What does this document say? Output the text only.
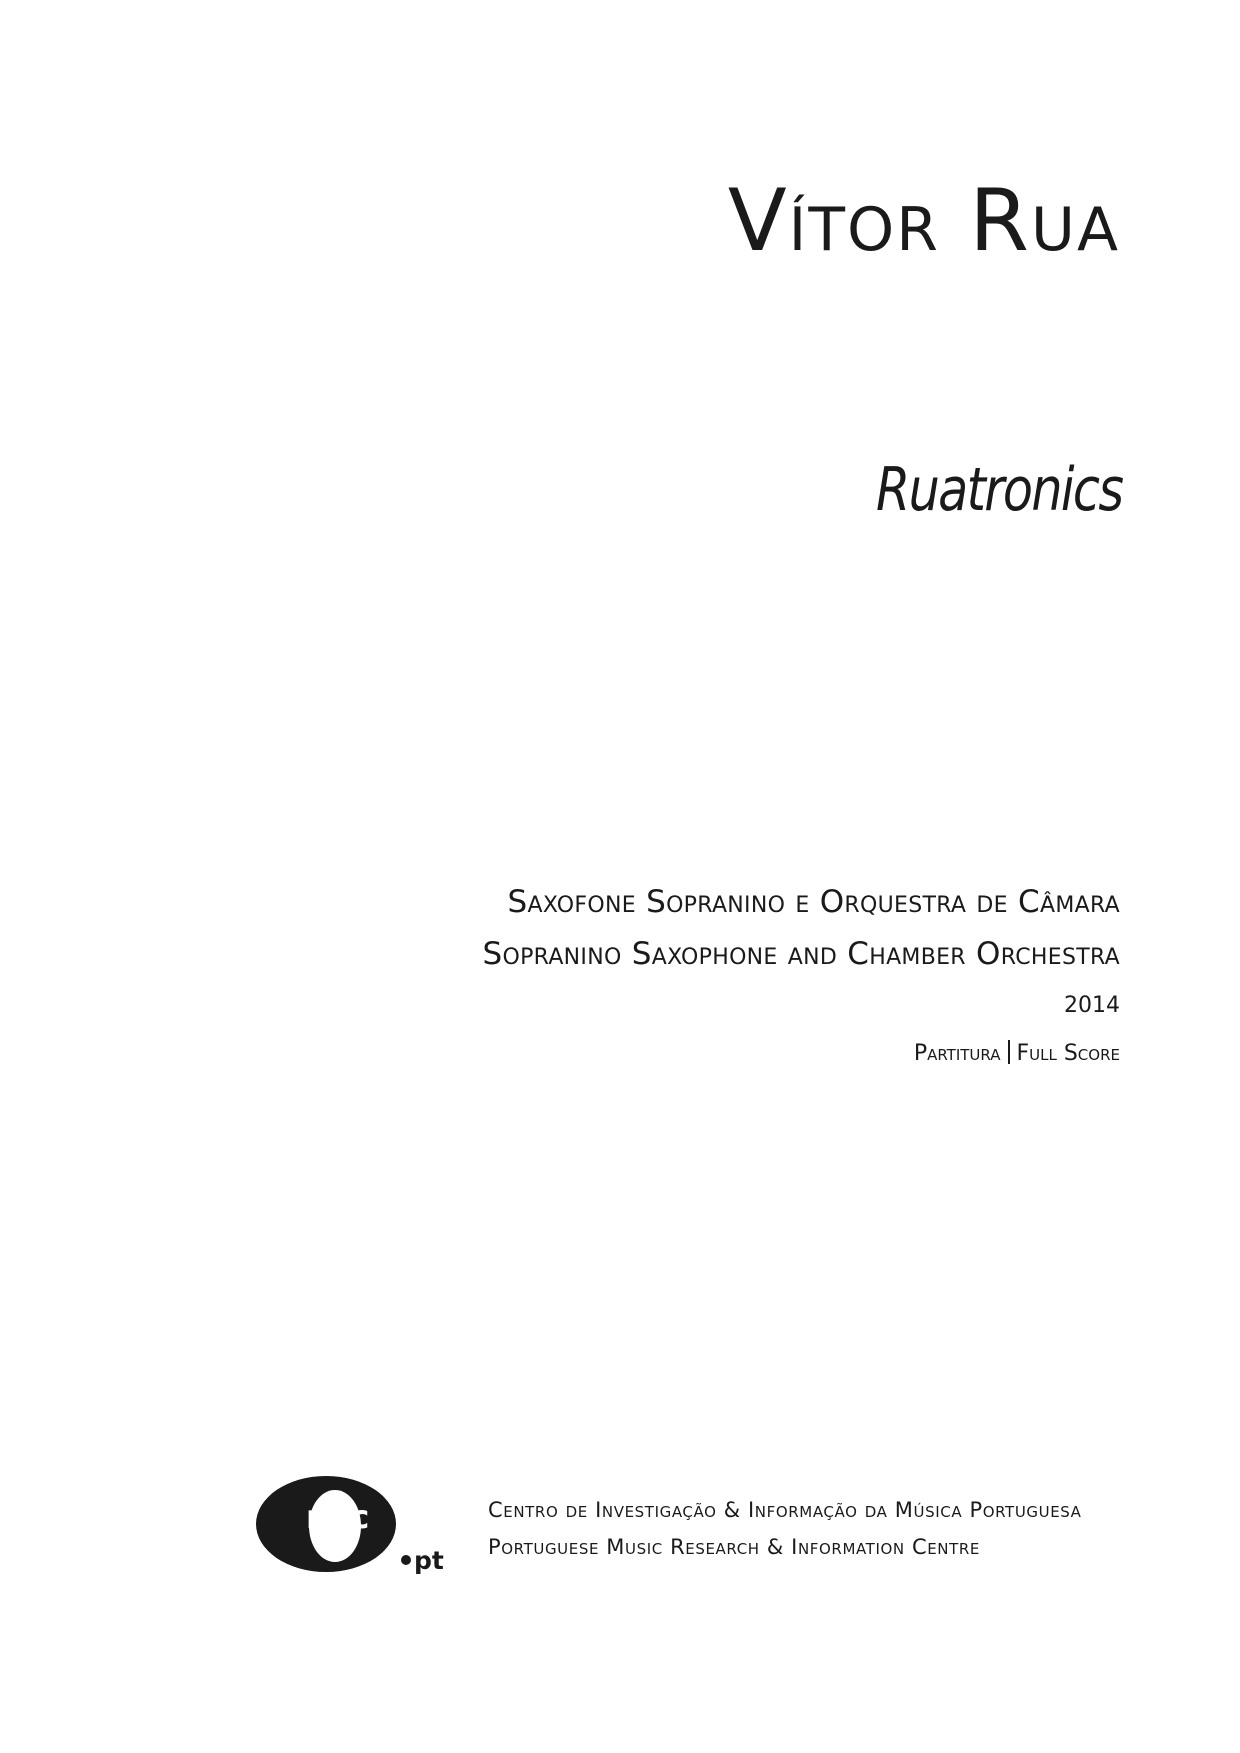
Vítor Rua
Ruatronics
Saxofone Sopranino e Orquestra de Câmara
Sopranino Saxophone and Chamber Orchestra
2014
Partitura Full Score
mic
pt
Centro de Investigação & Informação da Música Portuguesa
Portuguese Music Research & Information Centre
